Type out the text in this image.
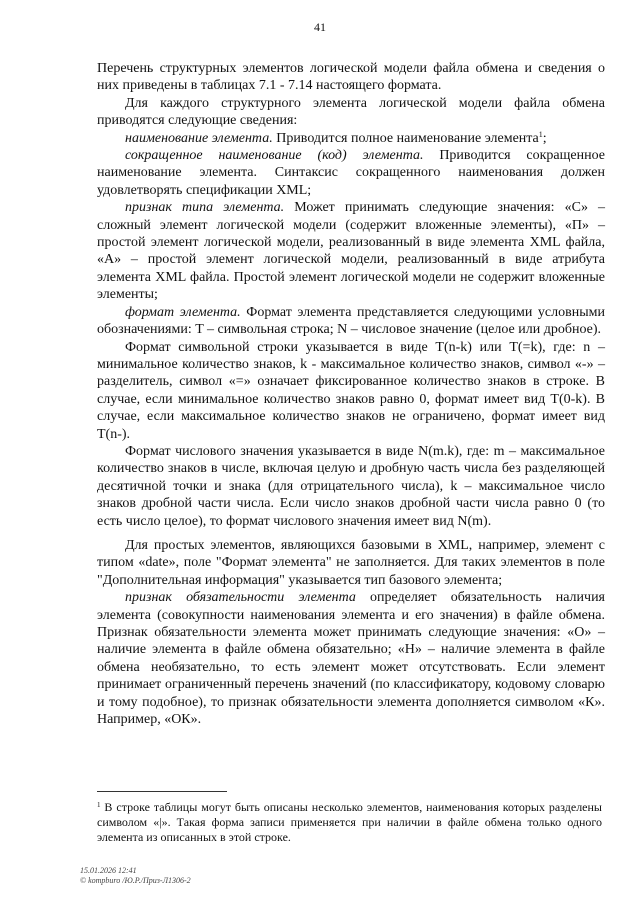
41

Перечень структурных элементов логической модели файла обмена и сведения о них приведены в таблицах 7.1 - 7.14 настоящего формата.

Для каждого структурного элемента логической модели файла обмена приводятся следующие сведения:

наименование элемента. Приводится полное наименование элемента$^1$;

сокращенное наименование (код) элемента. Приводится сокращенное наименование элемента. Синтаксис сокращенного наименования должен удовлетворять спецификации XML;

признак типа элемента. Может принимать следующие значения: «С» – сложный элемент логической модели (содержит вложенные элементы), «П» – простой элемент логической модели, реализованный в виде элемента XML файла, «А» – простой элемент логической модели, реализованный в виде атрибута элемента XML файла. Простой элемент логической модели не содержит вложенные элементы;

формат элемента. Формат элемента представляется следующими условными обозначениями: T – символьная строка; N – числовое значение (целое или дробное).

Формат символьной строки указывается в виде T(n-k) или T(=k), где: n – минимальное количество знаков, k - максимальное количество знаков, символ «-» – разделитель, символ «=» означает фиксированное количество знаков в строке. В случае, если минимальное количество знаков равно 0, формат имеет вид T(0-k). В случае, если максимальное количество знаков не ограничено, формат имеет вид T(n-).

Формат числового значения указывается в виде N(m.k), где: m – максимальное количество знаков в числе, включая целую и дробную часть числа без разделяющей десятичной точки и знака (для отрицательного числа), k – максимальное число знаков дробной части числа. Если число знаков дробной части числа равно 0 (то есть число целое), то формат числового значения имеет вид N(m).

Для простых элементов, являющихся базовыми в XML, например, элемент с типом «date», поле "Формат элемента" не заполняется. Для таких элементов в поле "Дополнительная информация" указывается тип базового элемента;

признак обязательности элемента определяет обязательность наличия элемента (совокупности наименования элемента и его значения) в файле обмена. Признак обязательности элемента может принимать следующие значения: «О» – наличие элемента в файле обмена обязательно; «Н» – наличие элемента в файле обмена необязательно, то есть элемент может отсутствовать. Если элемент принимает ограниченный перечень значений (по классификатору, кодовому словарю и тому подобное), то признак обязательности элемента дополняется символом «К». Например, «ОК».

$^1$ В строке таблицы могут быть описаны несколько элементов, наименования которых разделены символом «|». Такая форма записи применяется при наличии в файле обмена только одного элемента из описанных в этой строке.
15.01.2026 12:41
© kompburo /Ю.Р./Приз-Л1306-2
